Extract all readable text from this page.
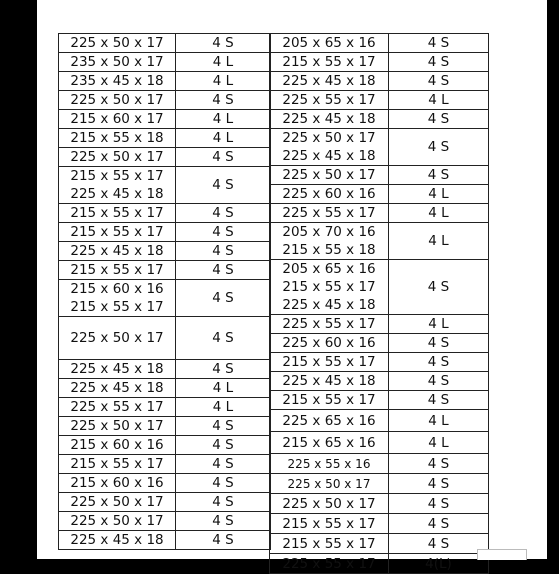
225 x 50 x 17	4 S

235 x 50 x 17	4 L

235 x 45 x 18	4 L

225 x 50 x 17	4 S

215 x 60 x 17	4 L

215 x 55 x 18	4 L

225 x 50 x 17	4 S

215 x 55 x 17
225 x 45 x 18	4 S

215 x 55 x 17	4 S

215 x 55 x 17	4 S

225 x 45 x 18	4 S

215 x 55 x 17	4 S

215 x 60 x 16
215 x 55 x 17	4 S

225 x 50 x 17	4 S

225 x 45 x 18	4 S

225 x 45 x 18	4 L

225 x 55 x 17	4 L

225 x 50 x 17	4 S

215 x 60 x 16	4 S

215 x 55 x 17	4 S

215 x 60 x 16	4 S

225 x 50 x 17	4 S

225 x 50 x 17	4 S

225 x 45 x 18	4 S
205 x 65 x 16	4 S

215 x 55 x 17	4 S

225 x 45 x 18	4 S

225 x 55 x 17	4 L

225 x 45 x 18	4 S

225 x 50 x 17
225 x 45 x 18	4 S

225 x 50 x 17	4 S

225 x 60 x 16	4 L

225 x 55 x 17	4 L

205 x 70 x 16
215 x 55 x 18	4 L

205 x 65 x 16
215 x 55 x 17
225 x 45 x 18	4 S

225 x 55 x 17	4 L

225 x 60 x 16	4 S

215 x 55 x 17	4 S

225 x 45 x 18	4 S

215 x 55 x 17	4 S

225 x 65 x 16	4 L

215 x 65 x 16	4 L

225 x 55 x 16	4 S

225 x 50 x 17	4 S

225 x 50 x 17	4 S

215 x 55 x 17	4 S

215 x 55 x 17	4 S

225 x 55 x 17	4(L)
